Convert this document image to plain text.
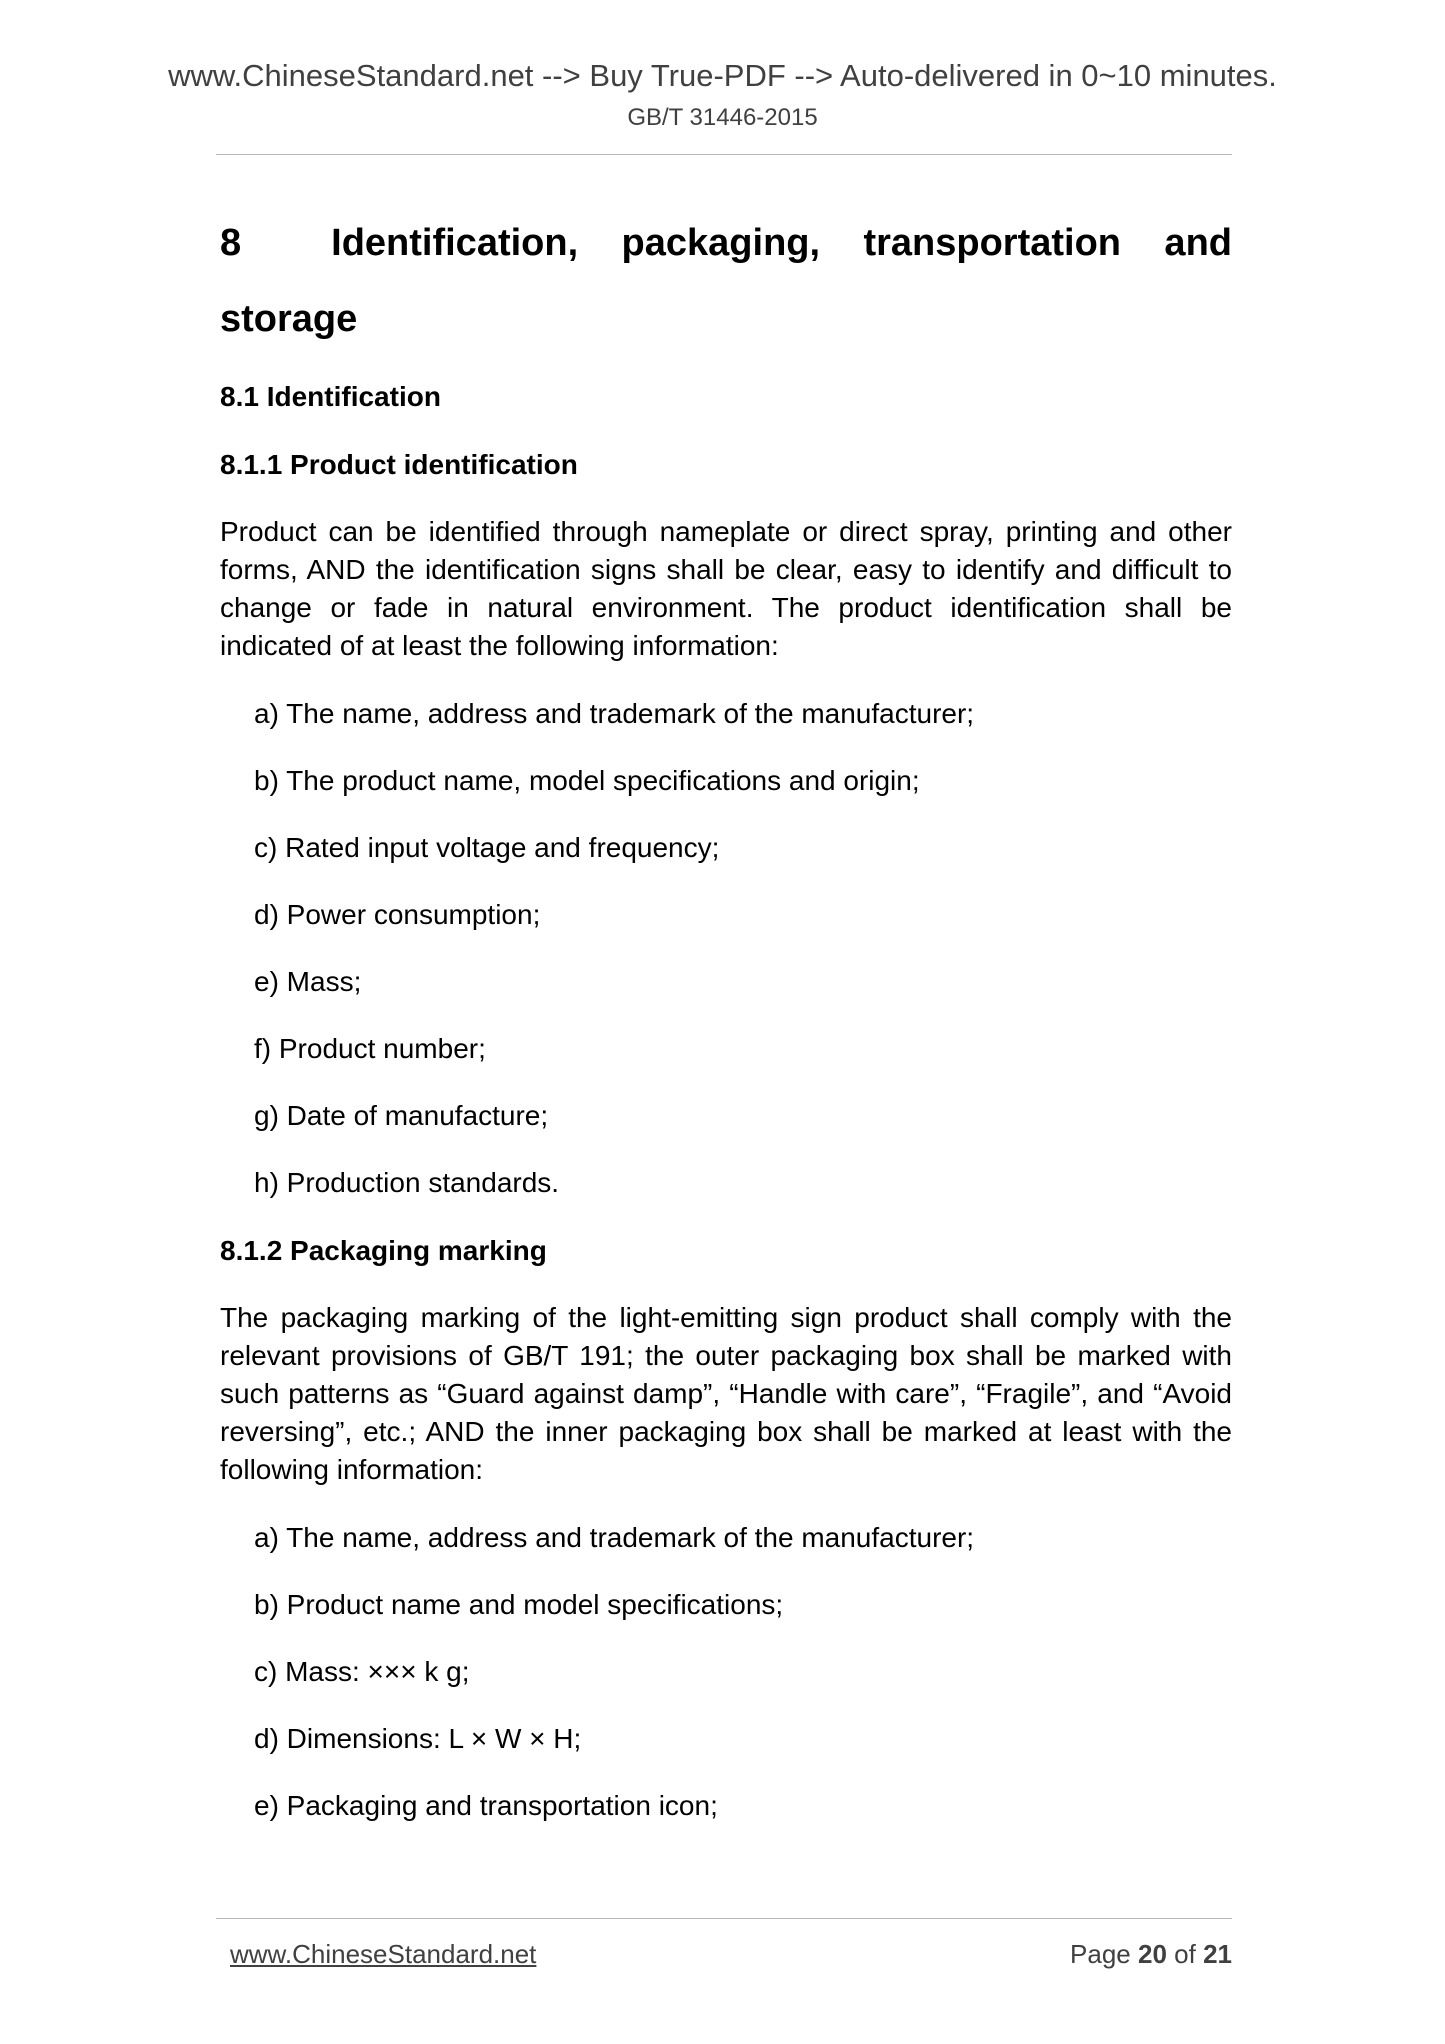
www.ChineseStandard.net --> Buy True-PDF --> Auto-delivered in 0~10 minutes.
GB/T 31446-2015
8 Identification, packaging, transportation and storage
8.1 Identification
8.1.1 Product identification

Product can be identified through nameplate or direct spray, printing and other forms, AND the identification signs shall be clear, easy to identify and difficult to change or fade in natural environment. The product identification shall be indicated of at least the following information:

a) The name, address and trademark of the manufacturer;
b) The product name, model specifications and origin;
c) Rated input voltage and frequency;
d) Power consumption;
e) Mass;
f) Product number;
g) Date of manufacture;
h) Production standards.
8.1.2 Packaging marking

The packaging marking of the light-emitting sign product shall comply with the relevant provisions of GB/T 191; the outer packaging box shall be marked with such patterns as “Guard against damp”, “Handle with care”, “Fragile”, and “Avoid reversing”, etc.; AND the inner packaging box shall be marked at least with the following information:

a) The name, address and trademark of the manufacturer;
b) Product name and model specifications;
c) Mass: ××× k g;
d) Dimensions: L × W × H;
e) Packaging and transportation icon;
www.ChineseStandard.net	Page 20 of 21
